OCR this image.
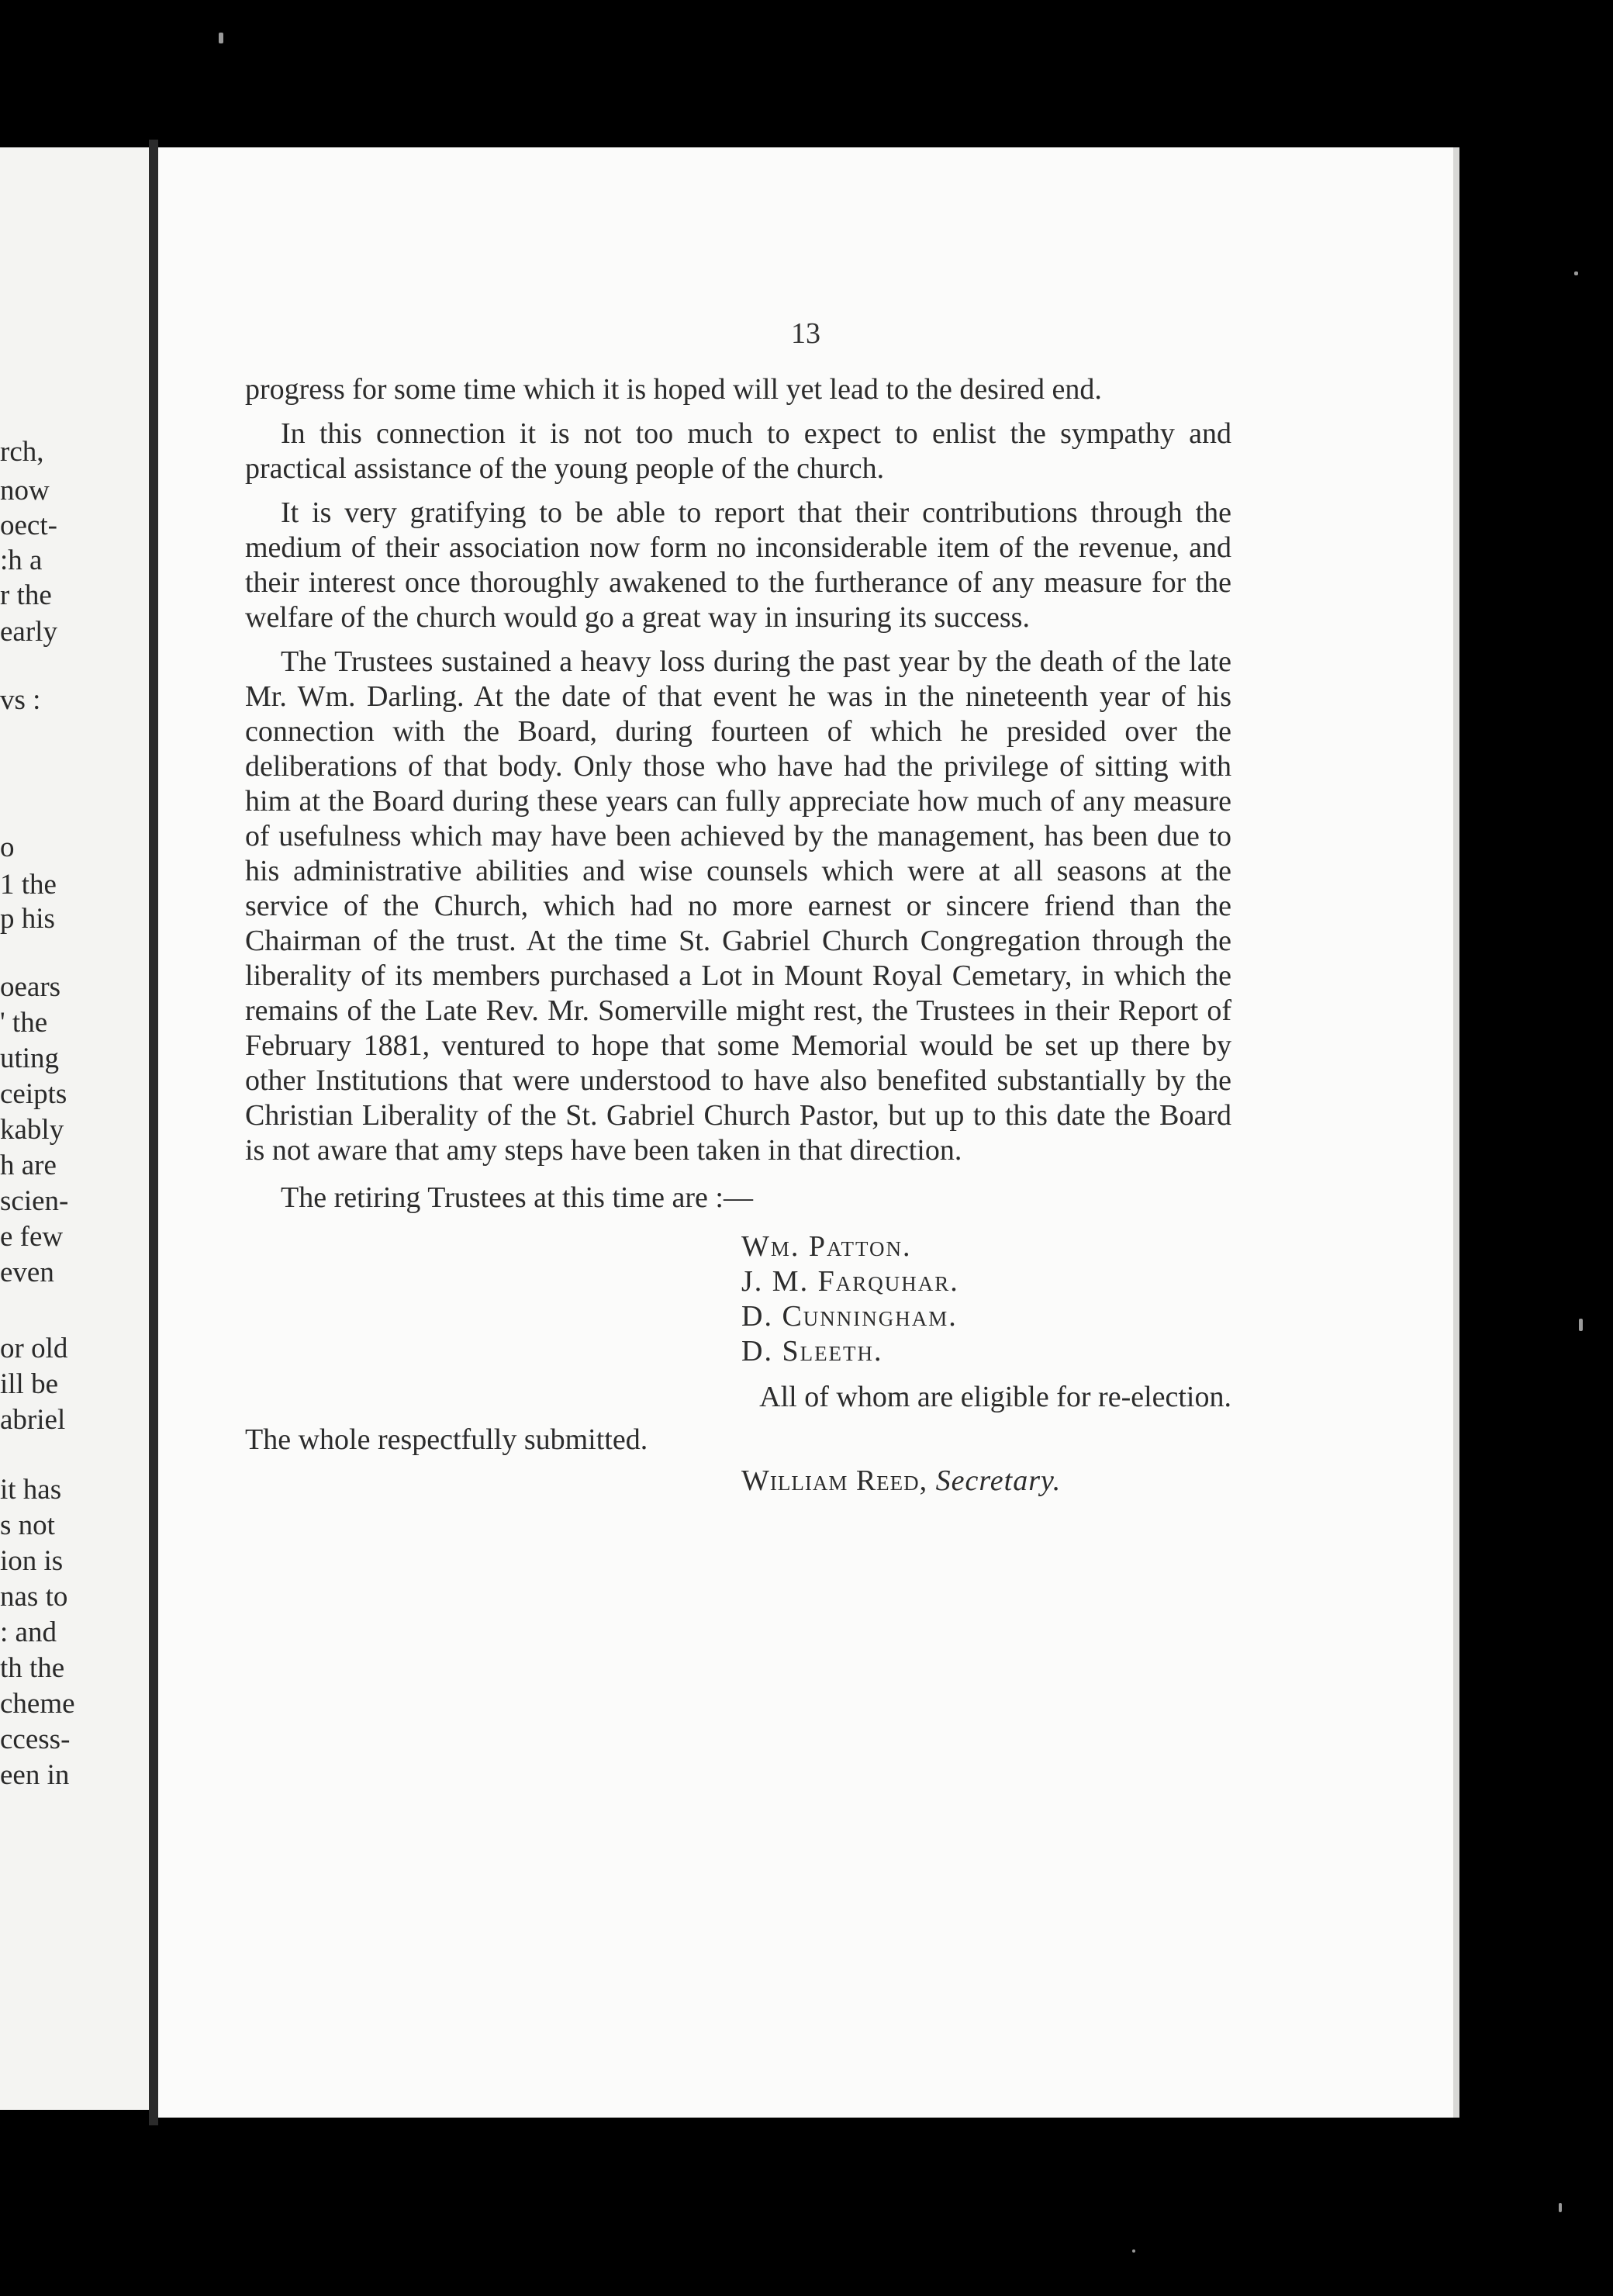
rch,
now
oect-
:h a
r the
early
vs :
o
1 the
p his
oears
' the
uting
ceipts
kably
h are
scien-
e few
even
or old
ill be
abriel
it has
s not
ion is
nas to
: and
th the
cheme
ccess-
een in
13

progress for some time which it is hoped will yet lead to the desired end.

In this connection it is not too much to expect to enlist the sympathy and practical assistance of the young people of the church.

It is very gratifying to be able to report that their contributions through the medium of their association now form no inconsiderable item of the revenue, and their interest once thoroughly awakened to the furtherance of any measure for the welfare of the church would go a great way in insuring its success.

The Trustees sustained a heavy loss during the past year by the death of the late Mr. Wm. Darling. At the date of that event he was in the nineteenth year of his connection with the Board, during fourteen of which he presided over the deliberations of that body. Only those who have had the privilege of sitting with him at the Board during these years can fully appreciate how much of any measure of usefulness which may have been achieved by the management, has been due to his administrative abilities and wise counsels which were at all seasons at the service of the Church, which had no more earnest or sincere friend than the Chairman of the trust. At the time St. Gabriel Church Congregation through the liberality of its members purchased a Lot in Mount Royal Cemetary, in which the remains of the Late Rev. Mr. Somerville might rest, the Trustees in their Report of February 1881, ventured to hope that some Memorial would be set up there by other Institutions that were understood to have also benefited substantially by the Christian Liberality of the St. Gabriel Church Pastor, but up to this date the Board is not aware that amy steps have been taken in that direction.

The retiring Trustees at this time are :—

Wm. Patton.
J. M. Farquhar.
D. Cunningham.
D. Sleeth.

All of whom are eligible for re-election.

The whole respectfully submitted.

William Reed, Secretary.
